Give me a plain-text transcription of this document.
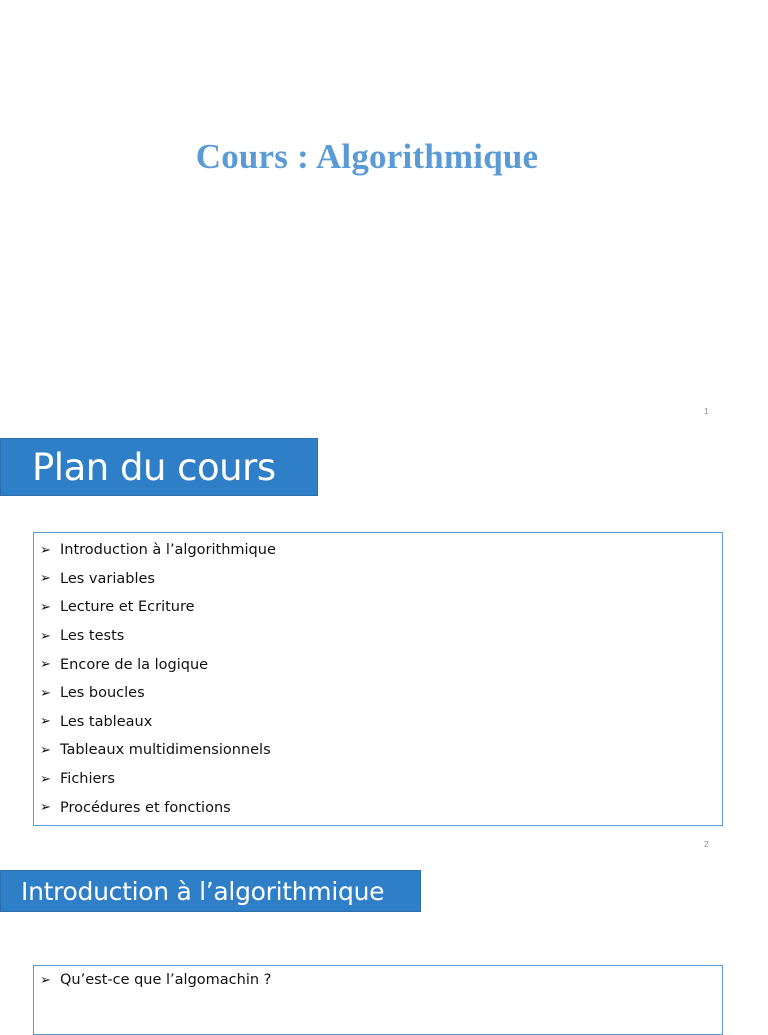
Cours : Algorithmique
1
Plan du cours
➢ Introduction à l’algorithmique
➢ Les variables
➢ Lecture et Ecriture
➢ Les tests
➢ Encore de la logique
➢ Les boucles
➢ Les tableaux
➢ Tableaux multidimensionnels
➢ Fichiers
➢ Procédures et fonctions
2
Introduction à l’algorithmique
➢ Qu’est-ce que l’algomachin ?
